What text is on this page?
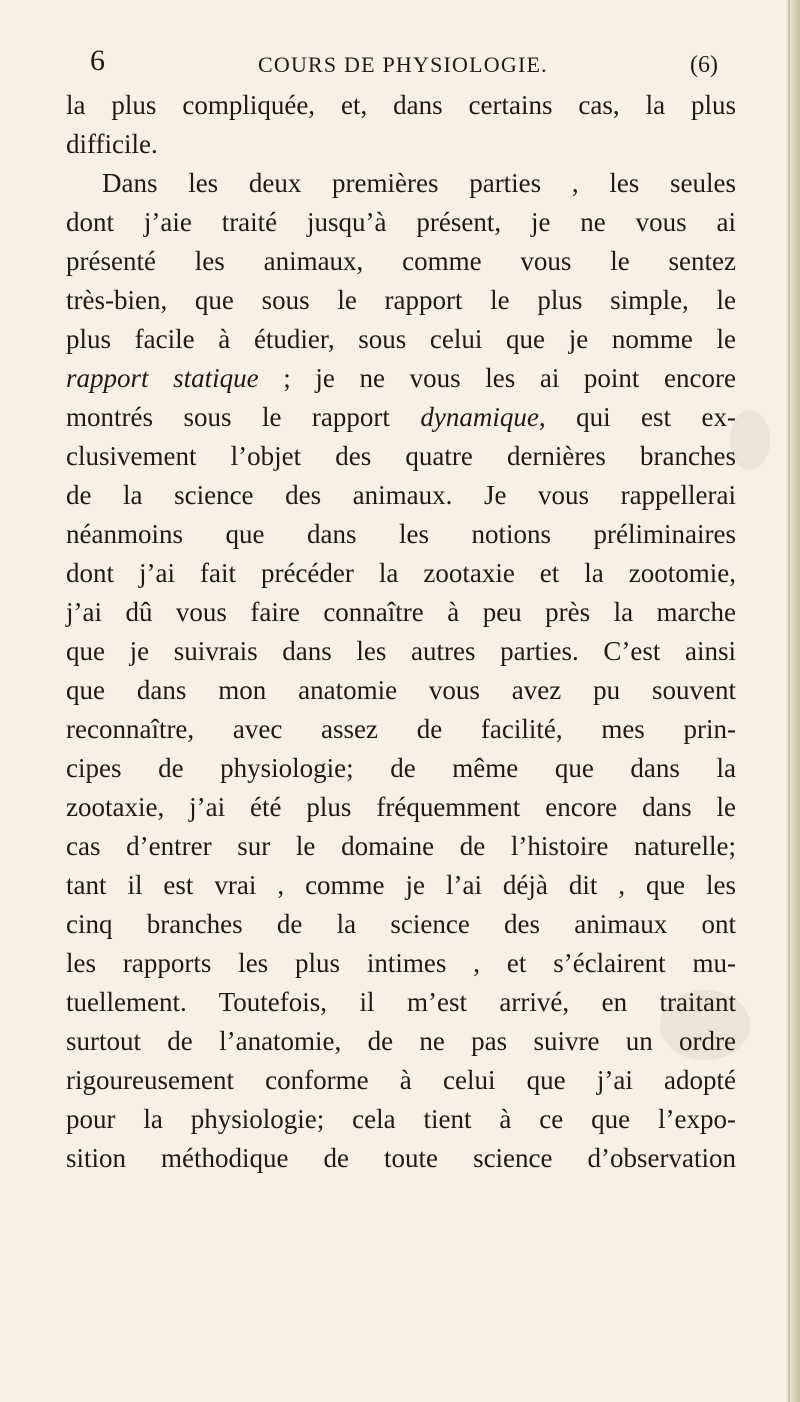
6	COURS DE PHYSIOLOGIE.	(6)
la plus compliquée, et, dans certains cas, la plus
difficile.
Dans les deux premières parties , les seules
dont j’aie traité jusqu’à présent, je ne vous ai
présenté les animaux, comme vous le sentez
très-bien, que sous le rapport le plus simple, le
plus facile à étudier, sous celui que je nomme le
rapport statique ; je ne vous les ai point encore
montrés sous le rapport dynamique, qui est ex-
clusivement l’objet des quatre dernières branches
de la science des animaux. Je vous rappellerai
néanmoins que dans les notions préliminaires
dont j’ai fait précéder la zootaxie et la zootomie,
j’ai dû vous faire connaître à peu près la marche
que je suivrais dans les autres parties. C’est ainsi
que dans mon anatomie vous avez pu souvent
reconnaître, avec assez de facilité, mes prin-
cipes de physiologie; de même que dans la
zootaxie, j’ai été plus fréquemment encore dans le
cas d’entrer sur le domaine de l’histoire naturelle;
tant il est vrai , comme je l’ai déjà dit , que les
cinq branches de la science des animaux ont
les rapports les plus intimes , et s’éclairent mu-
tuellement. Toutefois, il m’est arrivé, en traitant
surtout de l’anatomie, de ne pas suivre un ordre
rigoureusement conforme à celui que j’ai adopté
pour la physiologie; cela tient à ce que l’expo-
sition méthodique de toute science d’observation
